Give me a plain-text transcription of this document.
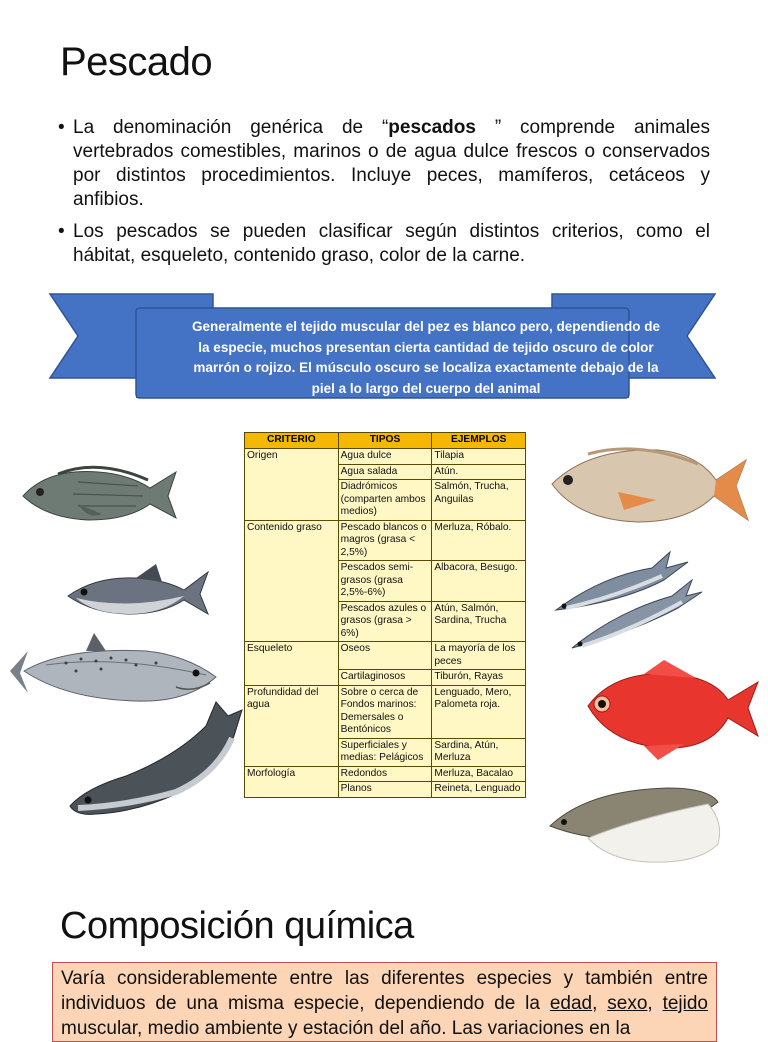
Pescado
• La denominación genérica de “pescados ” comprende animales vertebrados comestibles, marinos o de agua dulce frescos o conservados por distintos procedimientos. Incluye peces, mamíferos, cetáceos y anfibios.
• Los pescados se pueden clasificar según distintos criterios, como el hábitat, esqueleto, contenido graso, color de la carne.
Generalmente el tejido muscular del pez es blanco pero, dependiendo de la especie, muchos presentan cierta cantidad de tejido oscuro de color marrón o rojizo. El músculo oscuro se localiza exactamente debajo de la piel a lo largo del cuerpo del animal
CRITERIO	TIPOS	EJEMPLOS
Origen	Agua dulce	Tilapia
	Agua salada	Atún.
	Diadrómicos (comparten ambos medios)	Salmón, Trucha, Anguilas
Contenido graso	Pescado blancos o magros (grasa < 2,5%)	Merluza, Róbalo.
	Pescados semi-grasos (grasa 2,5%-6%)	Albacora, Besugo.
	Pescados azules o grasos (grasa > 6%)	Atún, Salmón, Sardina, Trucha
Esqueleto	Oseos	La mayoría de los peces
	Cartilaginosos	Tiburón, Rayas
Profundidad del agua	Sobre o cerca de Fondos marinos: Demersales o Bentónicos	Lenguado, Mero, Palometa roja.
	Superficiales y medias: Pelágicos	Sardina, Atún, Merluza
Morfología	Redondos	Merluza, Bacalao
	Planos	Reineta, Lenguado
Composición química
Varía considerablemente entre las diferentes especies y también entre individuos de una misma especie, dependiendo de la edad, sexo, tejido muscular, medio ambiente y estación del año. Las variaciones en la
